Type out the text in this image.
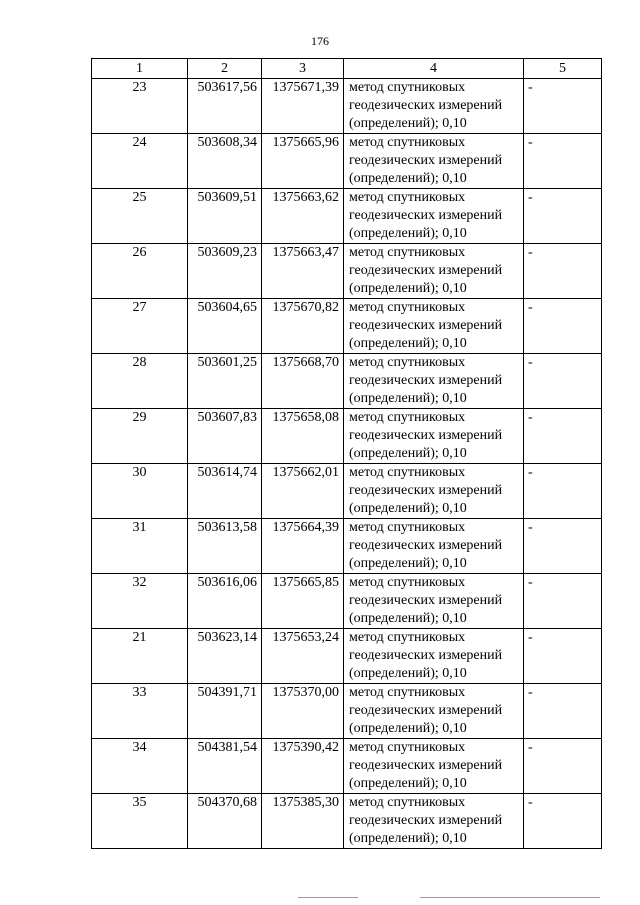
176
1	2	3	4	5
23	503617,56	1375671,39	метод спутниковых геодезических измерений (определений); 0,10	-
24	503608,34	1375665,96	метод спутниковых геодезических измерений (определений); 0,10	-
25	503609,51	1375663,62	метод спутниковых геодезических измерений (определений); 0,10	-
26	503609,23	1375663,47	метод спутниковых геодезических измерений (определений); 0,10	-
27	503604,65	1375670,82	метод спутниковых геодезических измерений (определений); 0,10	-
28	503601,25	1375668,70	метод спутниковых геодезических измерений (определений); 0,10	-
29	503607,83	1375658,08	метод спутниковых геодезических измерений (определений); 0,10	-
30	503614,74	1375662,01	метод спутниковых геодезических измерений (определений); 0,10	-
31	503613,58	1375664,39	метод спутниковых геодезических измерений (определений); 0,10	-
32	503616,06	1375665,85	метод спутниковых геодезических измерений (определений); 0,10	-
21	503623,14	1375653,24	метод спутниковых геодезических измерений (определений); 0,10	-
33	504391,71	1375370,00	метод спутниковых геодезических измерений (определений); 0,10	-
34	504381,54	1375390,42	метод спутниковых геодезических измерений (определений); 0,10	-
35	504370,68	1375385,30	метод спутниковых геодезических измерений (определений); 0,10	-
